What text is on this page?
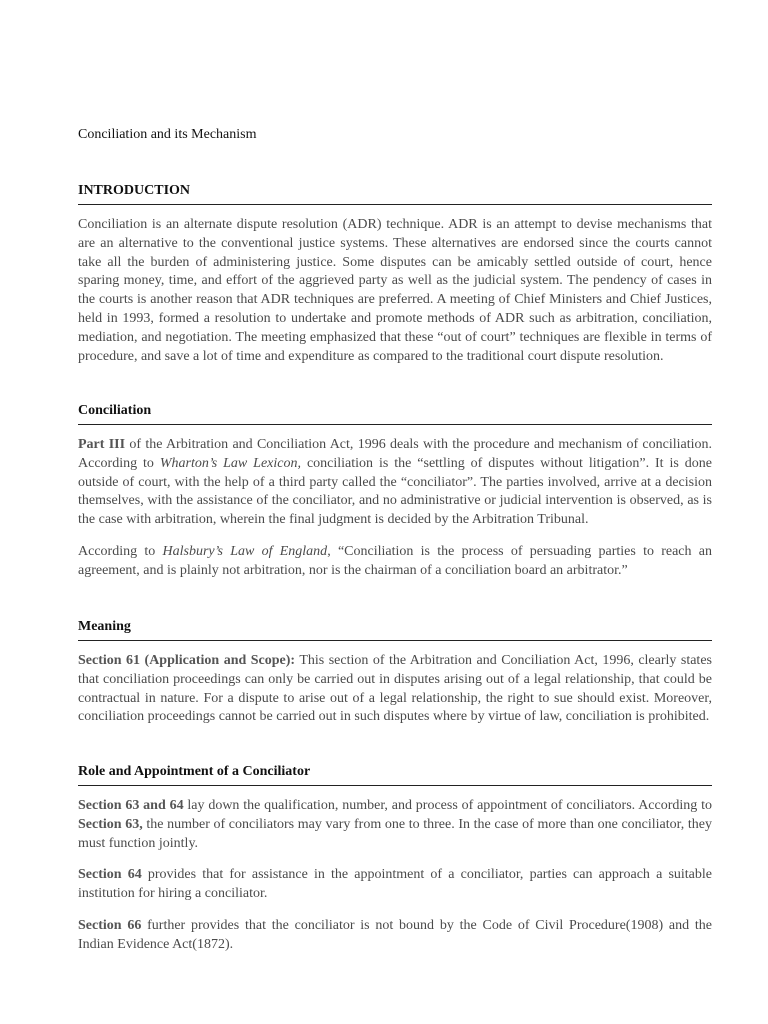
Conciliation and its Mechanism
INTRODUCTION

Conciliation is an alternate dispute resolution (ADR) technique. ADR is an attempt to devise mechanisms that are an alternative to the conventional justice systems. These alternatives are endorsed since the courts cannot take all the burden of administering justice. Some disputes can be amicably settled outside of court, hence sparing money, time, and effort of the aggrieved party as well as the judicial system. The pendency of cases in the courts is another reason that ADR techniques are preferred. A meeting of Chief Ministers and Chief Justices, held in 1993, formed a resolution to undertake and promote methods of ADR such as arbitration, conciliation, mediation, and negotiation. The meeting emphasized that these “out of court” techniques are flexible in terms of procedure, and save a lot of time and expenditure as compared to the traditional court dispute resolution.

Conciliation

Part III of the Arbitration and Conciliation Act, 1996 deals with the procedure and mechanism of conciliation. According to Wharton’s Law Lexicon, conciliation is the “settling of disputes without litigation”. It is done outside of court, with the help of a third party called the “conciliator”. The parties involved, arrive at a decision themselves, with the assistance of the conciliator, and no administrative or judicial intervention is observed, as is the case with arbitration, wherein the final judgment is decided by the Arbitration Tribunal.

According to Halsbury’s Law of England, “Conciliation is the process of persuading parties to reach an agreement, and is plainly not arbitration, nor is the chairman of a conciliation board an arbitrator.”

Meaning

Section 61 (Application and Scope): This section of the Arbitration and Conciliation Act, 1996, clearly states that conciliation proceedings can only be carried out in disputes arising out of a legal relationship, that could be contractual in nature. For a dispute to arise out of a legal relationship, the right to sue should exist. Moreover, conciliation proceedings cannot be carried out in such disputes where by virtue of law, conciliation is prohibited.

Role and Appointment of a Conciliator

Section 63 and 64 lay down the qualification, number, and process of appointment of conciliators. According to Section 63, the number of conciliators may vary from one to three. In the case of more than one conciliator, they must function jointly.

Section 64 provides that for assistance in the appointment of a conciliator, parties can approach a suitable institution for hiring a conciliator.

Section 66 further provides that the conciliator is not bound by the Code of Civil Procedure(1908) and the Indian Evidence Act(1872).
